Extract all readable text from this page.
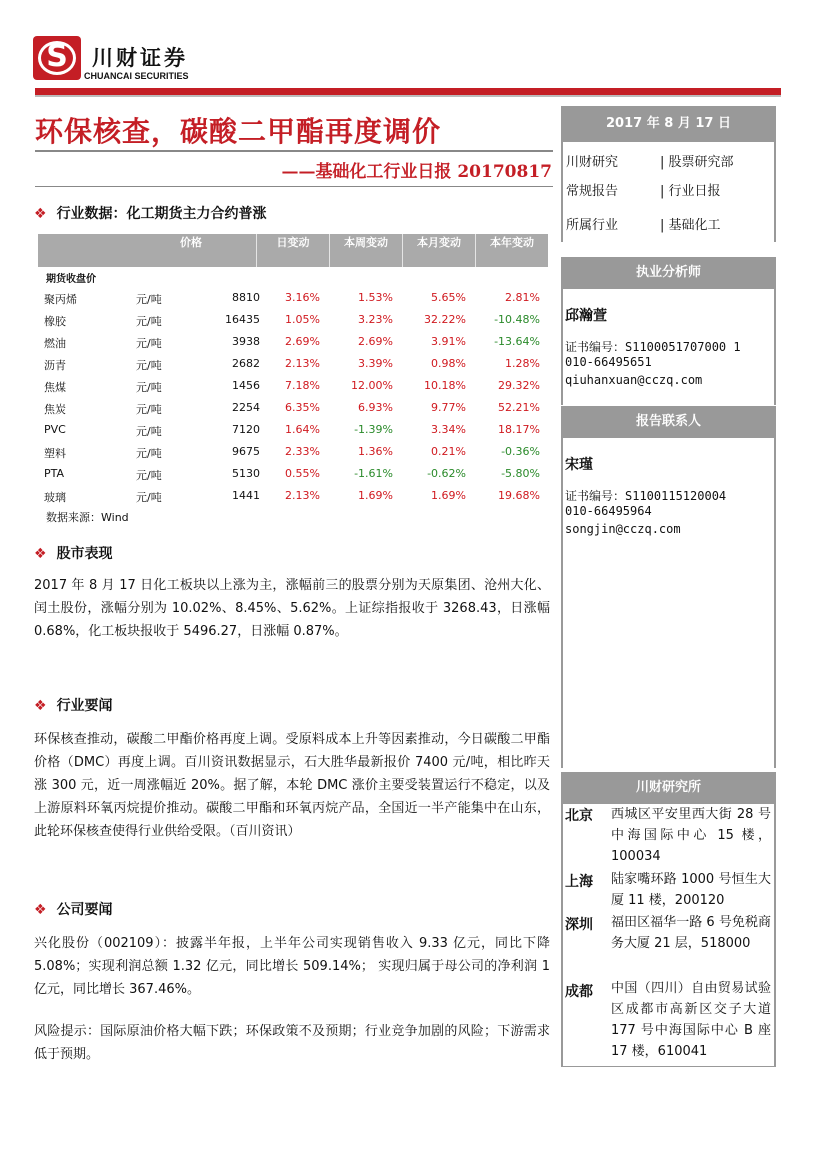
S	川财证券
CHUANCAI SECURITIES
环保核查，碳酸二甲酯再度调价
——基础化工行业日报 20170817
❖ 行业数据：化工期货主力合约普涨
价格	日变动	本周变动	本月变动	本年变动
期货收盘价
聚丙烯	元/吨	8810 3.16%	1.53%	5.65%	2.81%
橡胶	元/吨	16435 1.05%	3.23%	32.22%	-10.48%
燃油	元/吨	3938 2.69%	2.69%	3.91%	-13.64%
沥青	元/吨	2682 2.13%	3.39%	0.98%	1.28%
焦煤	元/吨	1456 7.18%	12.00%	10.18%	29.32%
焦炭	元/吨	2254 6.35%	6.93%	9.77%	52.21%
PVC	元/吨	7120 1.64%	-1.39%	3.34%	18.17%
塑料	元/吨	9675 2.33%	1.36%	0.21%	-0.36%
PTA	元/吨	5130 0.55%	-1.61%	-0.62%	-5.80%
玻璃	元/吨	1441 2.13%	1.69%	1.69%	19.68%
数据来源：Wind
❖ 股市表现
2017 年 8 月 17 日化工板块以上涨为主，涨幅前三的股票分别为天原集团、沧州大化、闰土股份，涨幅分别为 10.02%、8.45%、5.62%。上证综指报收于 3268.43，日涨幅 0.68%，化工板块报收于 5496.27，日涨幅 0.87%。
❖ 行业要闻
环保核查推动，碳酸二甲酯价格再度上调。受原料成本上升等因素推动，今日碳酸二甲酯价格（DMC）再度上调。百川资讯数据显示，石大胜华最新报价 7400 元/吨，相比昨天涨 300 元，近一周涨幅近 20%。据了解，本轮 DMC 涨价主要受装置运行不稳定，以及上游原料环氧丙烷提价推动。碳酸二甲酯和环氧丙烷产品，全国近一半产能集中在山东，此轮环保核查使得行业供给受限。（百川资讯）
❖ 公司要闻
兴化股份（002109）：披露半年报，上半年公司实现销售收入 9.33 亿元，同比下降 5.08%；实现利润总额 1.32 亿元，同比增长 509.14%； 实现归属于母公司的净利润 1 亿元，同比增长 367.46%。
风险提示：国际原油价格大幅下跌；环保政策不及预期；行业竞争加剧的风险；下游需求低于预期。
2017 年 8 月 17 日
川财研究	| 股票研究部
常规报告	| 行业日报
所属行业	| 基础化工
执业分析师
邱瀚萱
证书编号：S1100051707000 1
010-66495651
qiuhanxuan@cczq.com
报告联系人
宋瑾
证书编号：S1100115120004
010-66495964
songjin@cczq.com
川财研究所
北京 西城区平安里西大街 28 号中海国际中心 15 楼，100034
上海 陆家嘴环路 1000 号恒生大厦 11 楼，200120
深圳 福田区福华一路 6 号免税商务大厦 21 层，518000
成都 中国（四川）自由贸易试验区成都市高新区交子大道 177 号中海国际中心 B 座 17 楼，610041
